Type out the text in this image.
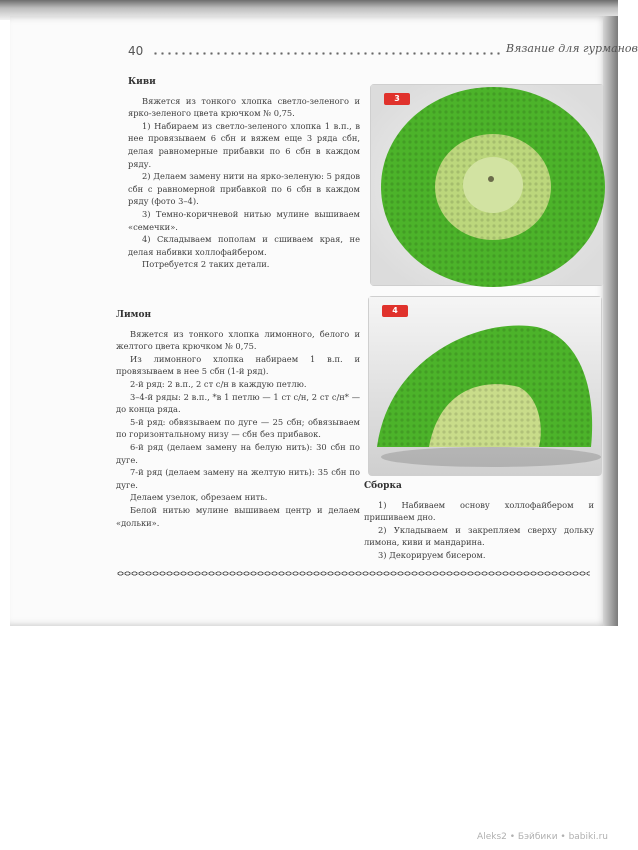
40	Вязание для гурманов
Киви

Вяжется из тонкого хлопка светло-зеленого и ярко-зеленого цвета крючком № 0,75.

1) Набираем из светло-зеленого хлопка 1 в.п., в нее провязываем 6 сбн и вяжем еще 3 ряда сбн, делая равномерные прибавки по 6 сбн в каждом ряду.

2) Делаем замену нити на ярко-зеленую: 5 рядов сбн с равномерной прибавкой по 6 сбн в каждом ряду (фото 3–4).

3) Темно-коричневой нитью мулине вышиваем «семечки».

4) Складываем пополам и сшиваем края, не делая набивки холлофайбером.

Потребуется 2 таких детали.

Лимон

Вяжется из тонкого хлопка лимонного, белого и желтого цвета крючком № 0,75.

Из лимонного хлопка набираем 1 в.п. и провязываем в нее 5 сбн (1-й ряд).

2-й ряд: 2 в.п., 2 ст с/н в каждую петлю.

3–4-й ряды: 2 в.п., *в 1 петлю — 1 ст с/н, 2 ст с/н* — до конца ряда.

5-й ряд: обвязываем по дуге — 25 сбн; обвязываем по горизонтальному низу — сбн без прибавок.

6-й ряд (делаем замену на белую нить): 30 сбн по дуге.

7-й ряд (делаем замену на желтую нить): 35 сбн по дуге.

Делаем узелок, обрезаем нить.

Белой нитью мулине вышиваем центр и делаем «дольки».

3
4
Сборка

1) Набиваем основу холлофайбером и пришиваем дно.

2) Укладываем и закрепляем сверху дольку лимона, киви и мандарина.

3) Декорируем бисером.

Aleks2 • Бэйбики • babiki.ru
